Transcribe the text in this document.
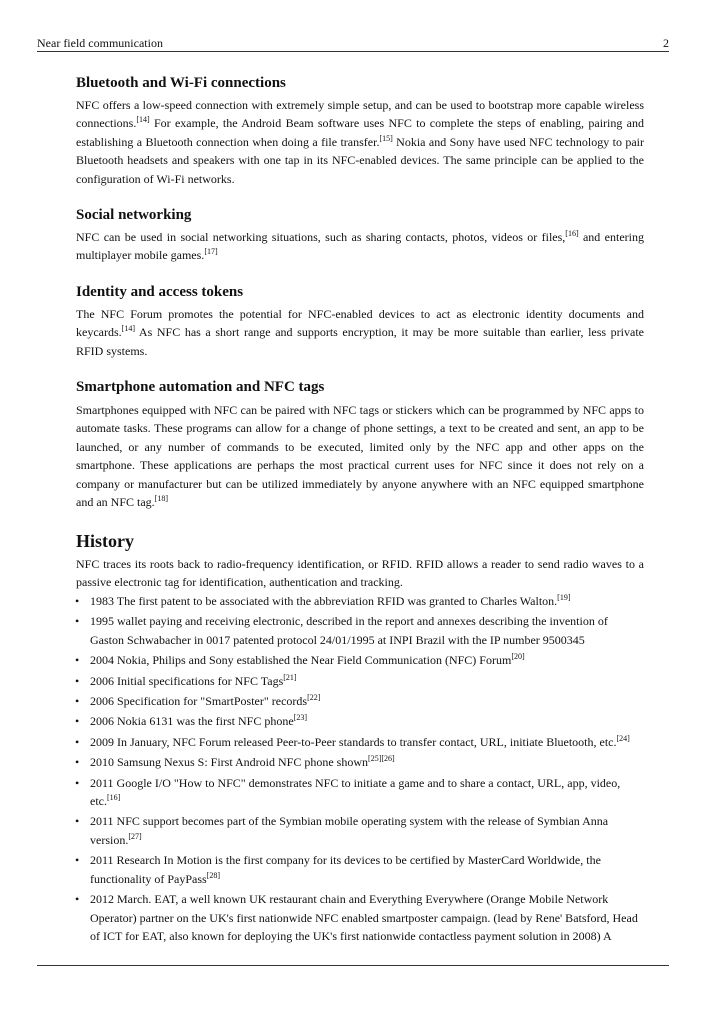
Near field communication	2
Bluetooth and Wi-Fi connections

NFC offers a low-speed connection with extremely simple setup, and can be used to bootstrap more capable wireless connections.[14] For example, the Android Beam software uses NFC to complete the steps of enabling, pairing and establishing a Bluetooth connection when doing a file transfer.[15] Nokia and Sony have used NFC technology to pair Bluetooth headsets and speakers with one tap in its NFC-enabled devices. The same principle can be applied to the configuration of Wi-Fi networks.

Social networking

NFC can be used in social networking situations, such as sharing contacts, photos, videos or files,[16] and entering multiplayer mobile games.[17]

Identity and access tokens

The NFC Forum promotes the potential for NFC-enabled devices to act as electronic identity documents and keycards.[14] As NFC has a short range and supports encryption, it may be more suitable than earlier, less private RFID systems.

Smartphone automation and NFC tags

Smartphones equipped with NFC can be paired with NFC tags or stickers which can be programmed by NFC apps to automate tasks. These programs can allow for a change of phone settings, a text to be created and sent, an app to be launched, or any number of commands to be executed, limited only by the NFC app and other apps on the smartphone. These applications are perhaps the most practical current uses for NFC since it does not rely on a company or manufacturer but can be utilized immediately by anyone anywhere with an NFC equipped smartphone and an NFC tag.[18]

History

NFC traces its roots back to radio-frequency identification, or RFID. RFID allows a reader to send radio waves to a passive electronic tag for identification, authentication and tracking.

• 1983 The first patent to be associated with the abbreviation RFID was granted to Charles Walton.[19]
• 1995 wallet paying and receiving electronic, described in the report and annexes describing the invention of Gaston Schwabacher in 0017 patented protocol 24/01/1995 at INPI Brazil with the IP number 9500345
• 2004 Nokia, Philips and Sony established the Near Field Communication (NFC) Forum[20]
• 2006 Initial specifications for NFC Tags[21]
• 2006 Specification for "SmartPoster" records[22]
• 2006 Nokia 6131 was the first NFC phone[23]
• 2009 In January, NFC Forum released Peer-to-Peer standards to transfer contact, URL, initiate Bluetooth, etc.[24]
• 2010 Samsung Nexus S: First Android NFC phone shown[25][26]
• 2011 Google I/O "How to NFC" demonstrates NFC to initiate a game and to share a contact, URL, app, video, etc.[16]
• 2011 NFC support becomes part of the Symbian mobile operating system with the release of Symbian Anna version.[27]
• 2011 Research In Motion is the first company for its devices to be certified by MasterCard Worldwide, the functionality of PayPass[28]
• 2012 March. EAT, a well known UK restaurant chain and Everything Everywhere (Orange Mobile Network Operator) partner on the UK's first nationwide NFC enabled smartposter campaign. (lead by Rene' Batsford, Head of ICT for EAT, also known for deploying the UK's first nationwide contactless payment solution in 2008) A
